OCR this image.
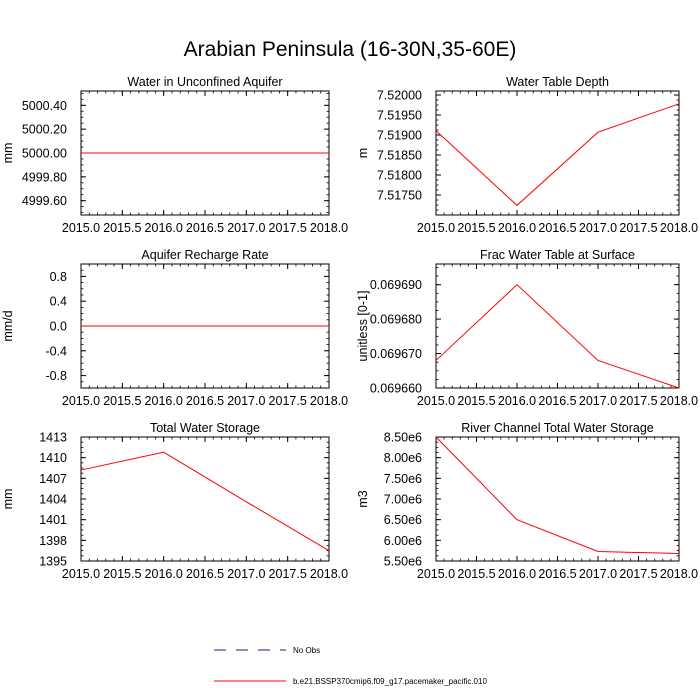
Arabian Peninsula (16-30N,35-60E)
Water in Unconfined Aquifer
mm
2015.0 2015.5 2016.0 2016.5 2017.0 2017.5 2018.0
5000.40
5000.20
5000.00
4999.80
4999.60
Water Table Depth
m
2015.0 2015.5 2016.0 2016.5 2017.0 2017.5 2018.0
7.52000
7.51950
7.51900
7.51850
7.51800
7.51750
Aquifer Recharge Rate
mm/d
2015.0 2015.5 2016.0 2016.5 2017.0 2017.5 2018.0
0.8
0.4
0.0
-0.4
-0.8
Frac Water Table at Surface
unitless [0-1]
2015.0 2015.5 2016.0 2016.5 2017.0 2017.5 2018.0
0.069690
0.069680
0.069670
0.069660
Total Water Storage
mm
2015.0 2015.5 2016.0 2016.5 2017.0 2017.5 2018.0
1413
1410
1407
1404
1401
1398
1395
River Channel Total Water Storage
m3
2015.0 2015.5 2016.0 2016.5 2017.0 2017.5 2018.0
8.50e6
8.00e6
7.50e6
7.00e6
6.50e6
6.00e6
5.50e6
No Obs
b.e21.BSSP370cmip6.f09_g17.pacemaker_pacific.010
